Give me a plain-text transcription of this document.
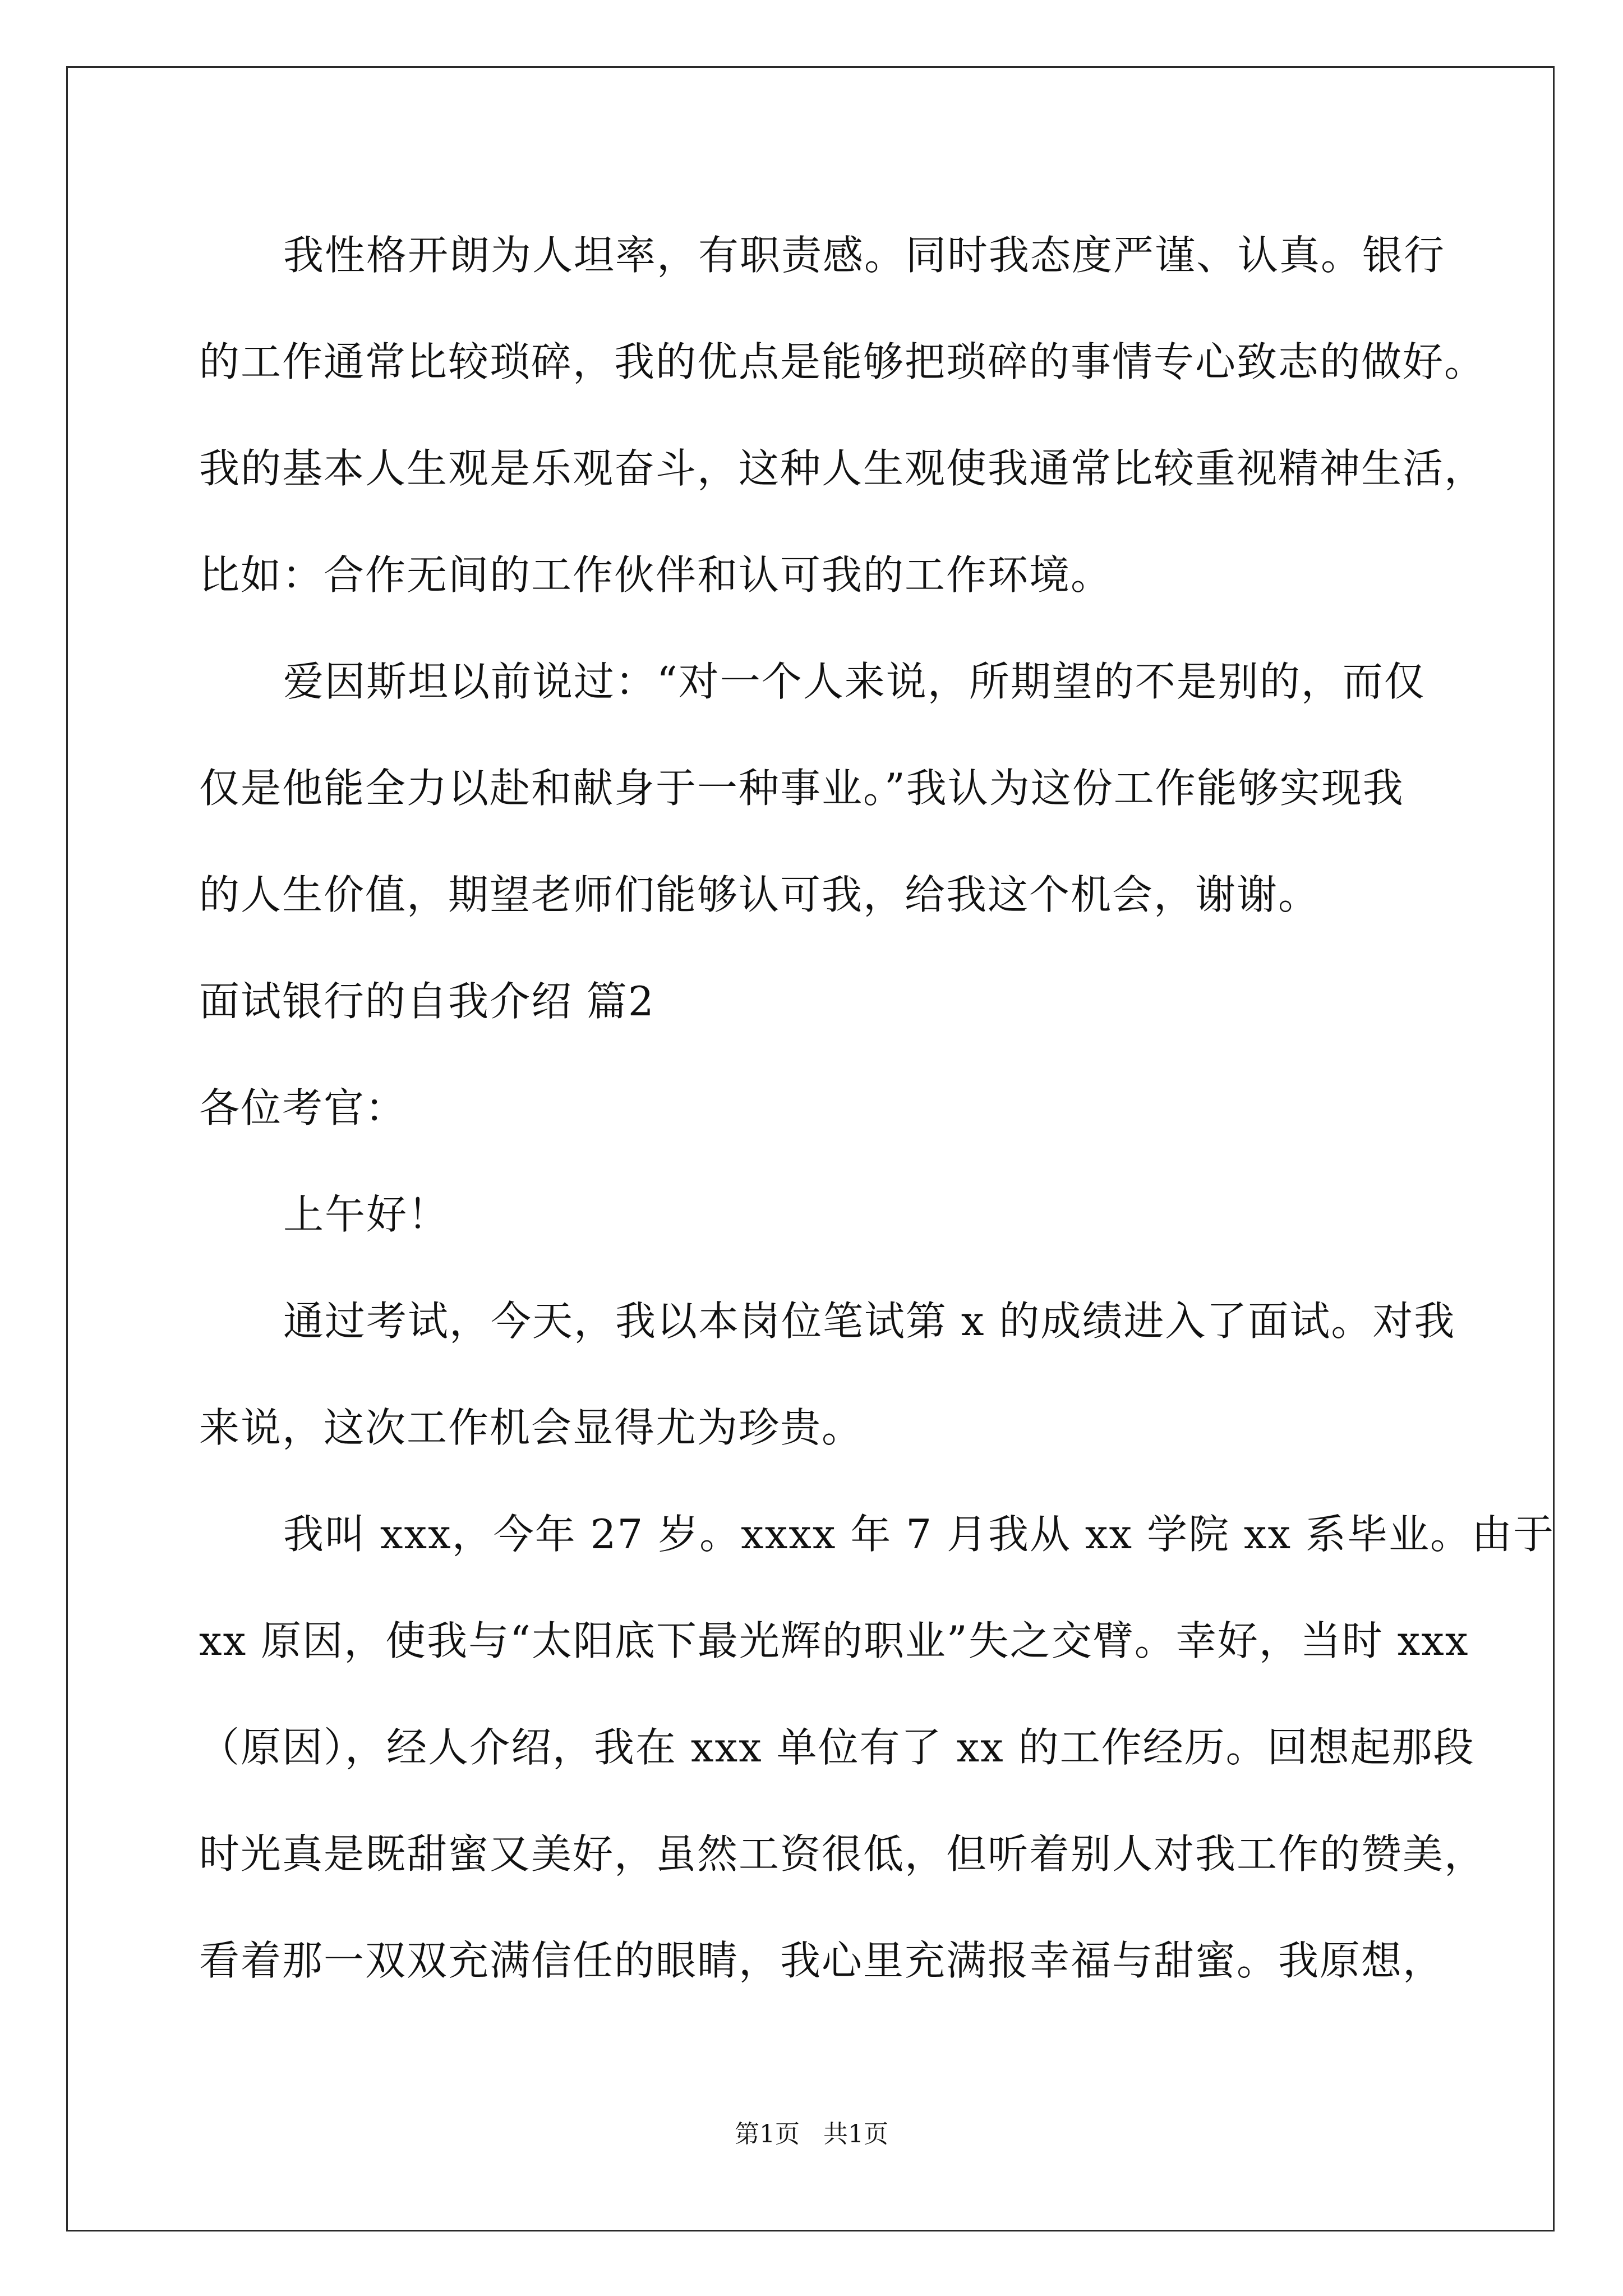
我性格开朗为人坦率，有职责感。同时我态度严谨、认真。银行
的工作通常比较琐碎，我的优点是能够把琐碎的事情专心致志的做好。
我的基本人生观是乐观奋斗，这种人生观使我通常比较重视精神生活，
比如：合作无间的工作伙伴和认可我的工作环境。
爱因斯坦以前说过：“对一个人来说，所期望的不是别的，而仅
仅是他能全力以赴和献身于一种事业。”我认为这份工作能够实现我
的人生价值，期望老师们能够认可我，给我这个机会，谢谢。
面试银行的自我介绍 篇2
各位考官：
上午好！
通过考试，今天，我以本岗位笔试第 x 的成绩进入了面试。对我
来说，这次工作机会显得尤为珍贵。
我叫 xxx，今年 27 岁。xxxx 年 7 月我从 xx 学院 xx 系毕业。由于
xx 原因，使我与“太阳底下最光辉的职业”失之交臂。幸好，当时 xxx
（原因），经人介绍，我在 xxx 单位有了 xx 的工作经历。回想起那段
时光真是既甜蜜又美好，虽然工资很低，但听着别人对我工作的赞美，
看着那一双双充满信任的眼睛，我心里充满报幸福与甜蜜。我原想，
第1页   共1页
